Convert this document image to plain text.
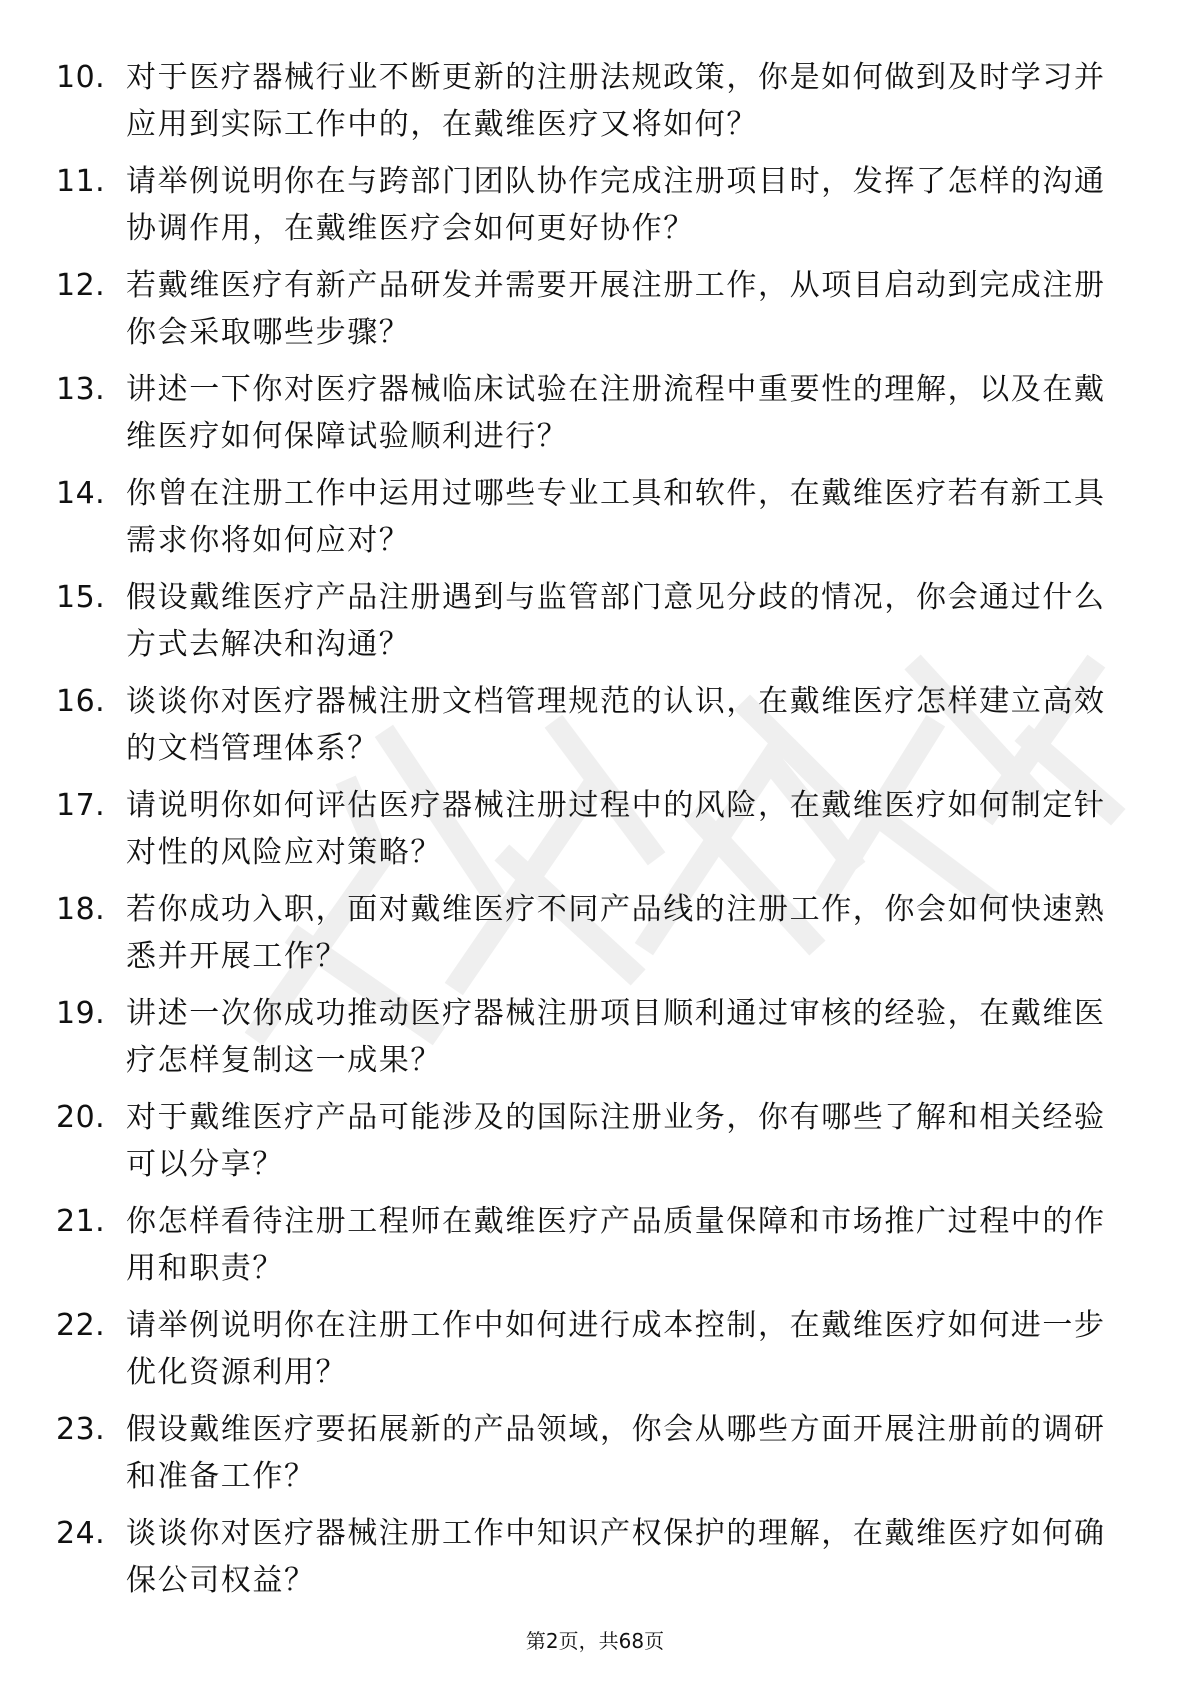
10. 对于医疗器械行业不断更新的注册法规政策，你是如何做到及时学习并应用到实际工作中的，在戴维医疗又将如何？
11. 请举例说明你在与跨部门团队协作完成注册项目时，发挥了怎样的沟通协调作用，在戴维医疗会如何更好协作？
12. 若戴维医疗有新产品研发并需要开展注册工作，从项目启动到完成注册你会采取哪些步骤？
13. 讲述一下你对医疗器械临床试验在注册流程中重要性的理解，以及在戴维医疗如何保障试验顺利进行？
14. 你曾在注册工作中运用过哪些专业工具和软件，在戴维医疗若有新工具需求你将如何应对？
15. 假设戴维医疗产品注册遇到与监管部门意见分歧的情况，你会通过什么方式去解决和沟通？
16. 谈谈你对医疗器械注册文档管理规范的认识，在戴维医疗怎样建立高效的文档管理体系？
17. 请说明你如何评估医疗器械注册过程中的风险，在戴维医疗如何制定针对性的风险应对策略？
18. 若你成功入职，面对戴维医疗不同产品线的注册工作，你会如何快速熟悉并开展工作？
19. 讲述一次你成功推动医疗器械注册项目顺利通过审核的经验，在戴维医疗怎样复制这一成果？
20. 对于戴维医疗产品可能涉及的国际注册业务，你有哪些了解和相关经验可以分享？
21. 你怎样看待注册工程师在戴维医疗产品质量保障和市场推广过程中的作用和职责？
22. 请举例说明你在注册工作中如何进行成本控制，在戴维医疗如何进一步优化资源利用？
23. 假设戴维医疗要拓展新的产品领域，你会从哪些方面开展注册前的调研和准备工作？
24. 谈谈你对医疗器械注册工作中知识产权保护的理解，在戴维医疗如何确保公司权益？
第2页，共68页
